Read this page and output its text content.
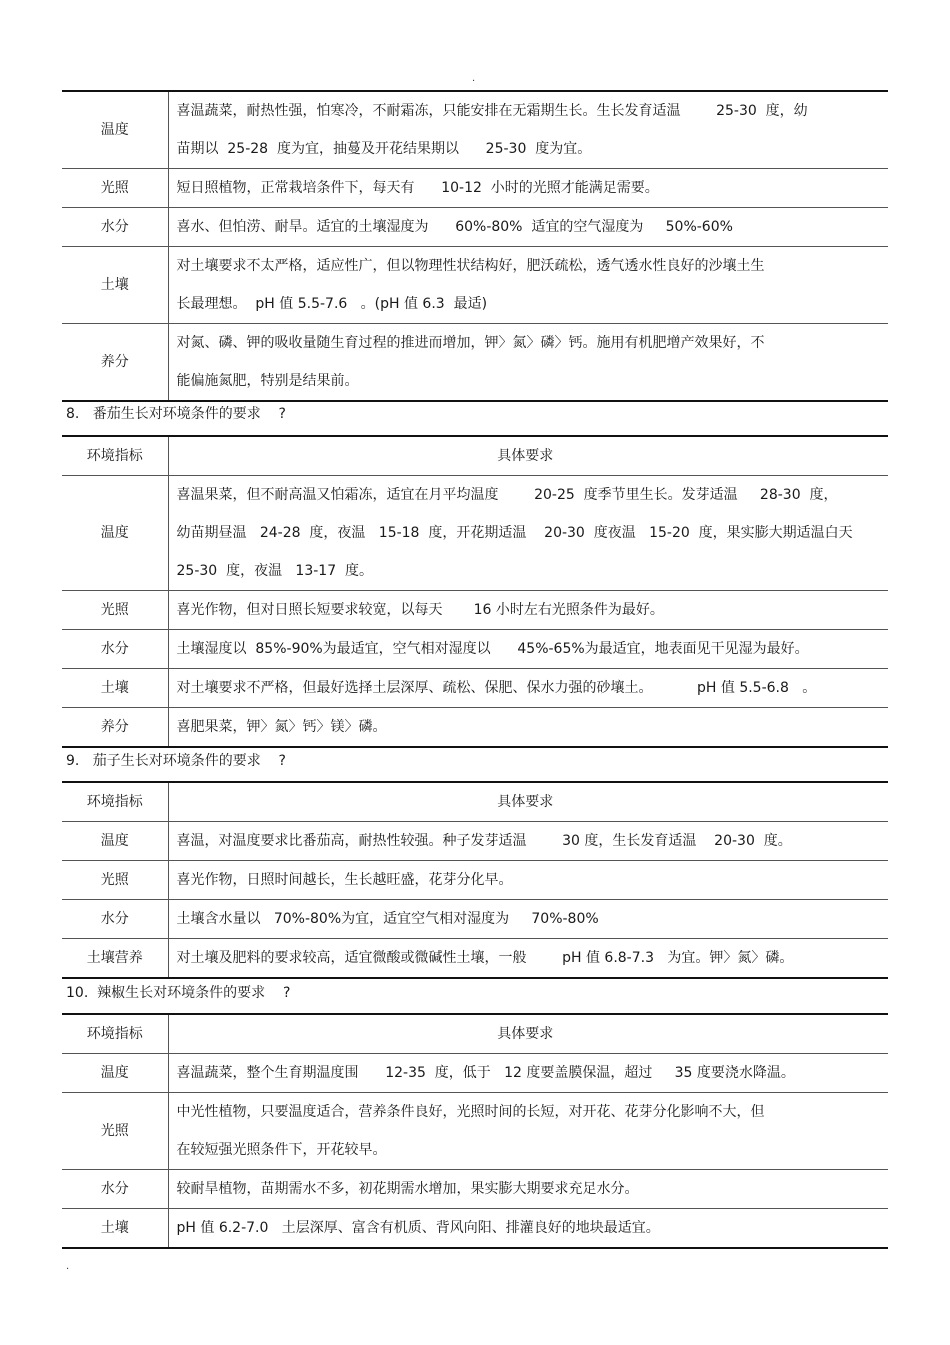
.
温度	喜温蔬菜，耐热性强，怕寒冷，不耐霜冻，只能安排在无霜期生长。生长发育适温        25-30  度，幼
苗期以  25-28  度为宜，抽蔓及开花结果期以      25-30  度为宜。

光照	短日照植物，正常栽培条件下，每天有      10-12  小时的光照才能满足需要。

水分	喜水、但怕涝、耐旱。适宜的土壤湿度为      60%-80%  适宜的空气湿度为     50%-60%

土壤	对土壤要求不太严格，适应性广，但以物理性状结构好，肥沃疏松，透气透水性良好的沙壤土生
长最理想。  pH 值 5.5-7.6   。(pH 值 6.3  最适)

养分	对氮、磷、钾的吸收量随生育过程的推进而增加，钾〉氮〉磷〉钙。施用有机肥增产效果好，不
能偏施氮肥，特别是结果前。
8.   番茄生长对环境条件的要求    ?
环境指标	具体要求
温度	喜温果菜，但不耐高温又怕霜冻，适宜在月平均温度        20-25  度季节里生长。发芽适温     28-30  度，
幼苗期昼温   24-28  度，夜温   15-18  度，开花期适温    20-30  度夜温   15-20  度，果实膨大期适温白天
25-30  度，夜温   13-17  度。

光照	喜光作物，但对日照长短要求较宽，以每天       16 小时左右光照条件为最好。

水分	土壤湿度以  85%-90%为最适宜，空气相对湿度以      45%-65%为最适宜，地表面见干见湿为最好。

土壤	对土壤要求不严格，但最好选择土层深厚、疏松、保肥、保水力强的砂壤土。          pH 值 5.5-6.8   。

养分	喜肥果菜，钾〉氮〉钙〉镁〉磷。
9.   茄子生长对环境条件的要求    ?
环境指标	具体要求
温度	喜温，对温度要求比番茄高，耐热性较强。种子发芽适温        30 度，生长发育适温    20-30  度。

光照	喜光作物，日照时间越长，生长越旺盛，花芽分化早。

水分	土壤含水量以   70%-80%为宜，适宜空气相对湿度为     70%-80%

土壤营养	对土壤及肥料的要求较高，适宜微酸或微碱性土壤，一般        pH 值 6.8-7.3   为宜。钾〉氮〉磷。
10.  辣椒生长对环境条件的要求    ?
环境指标	具体要求
温度	喜温蔬菜，整个生育期温度围      12-35  度，低于   12 度要盖膜保温，超过     35 度要浇水降温。

光照	中光性植物，只要温度适合，营养条件良好，光照时间的长短，对开花、花芽分化影响不大，但
在较短强光照条件下，开花较早。

水分	较耐旱植物，苗期需水不多，初花期需水增加，果实膨大期要求充足水分。

土壤	pH 值 6.2-7.0   土层深厚、富含有机质、背风向阳、排灌良好的地块最适宜。
.
